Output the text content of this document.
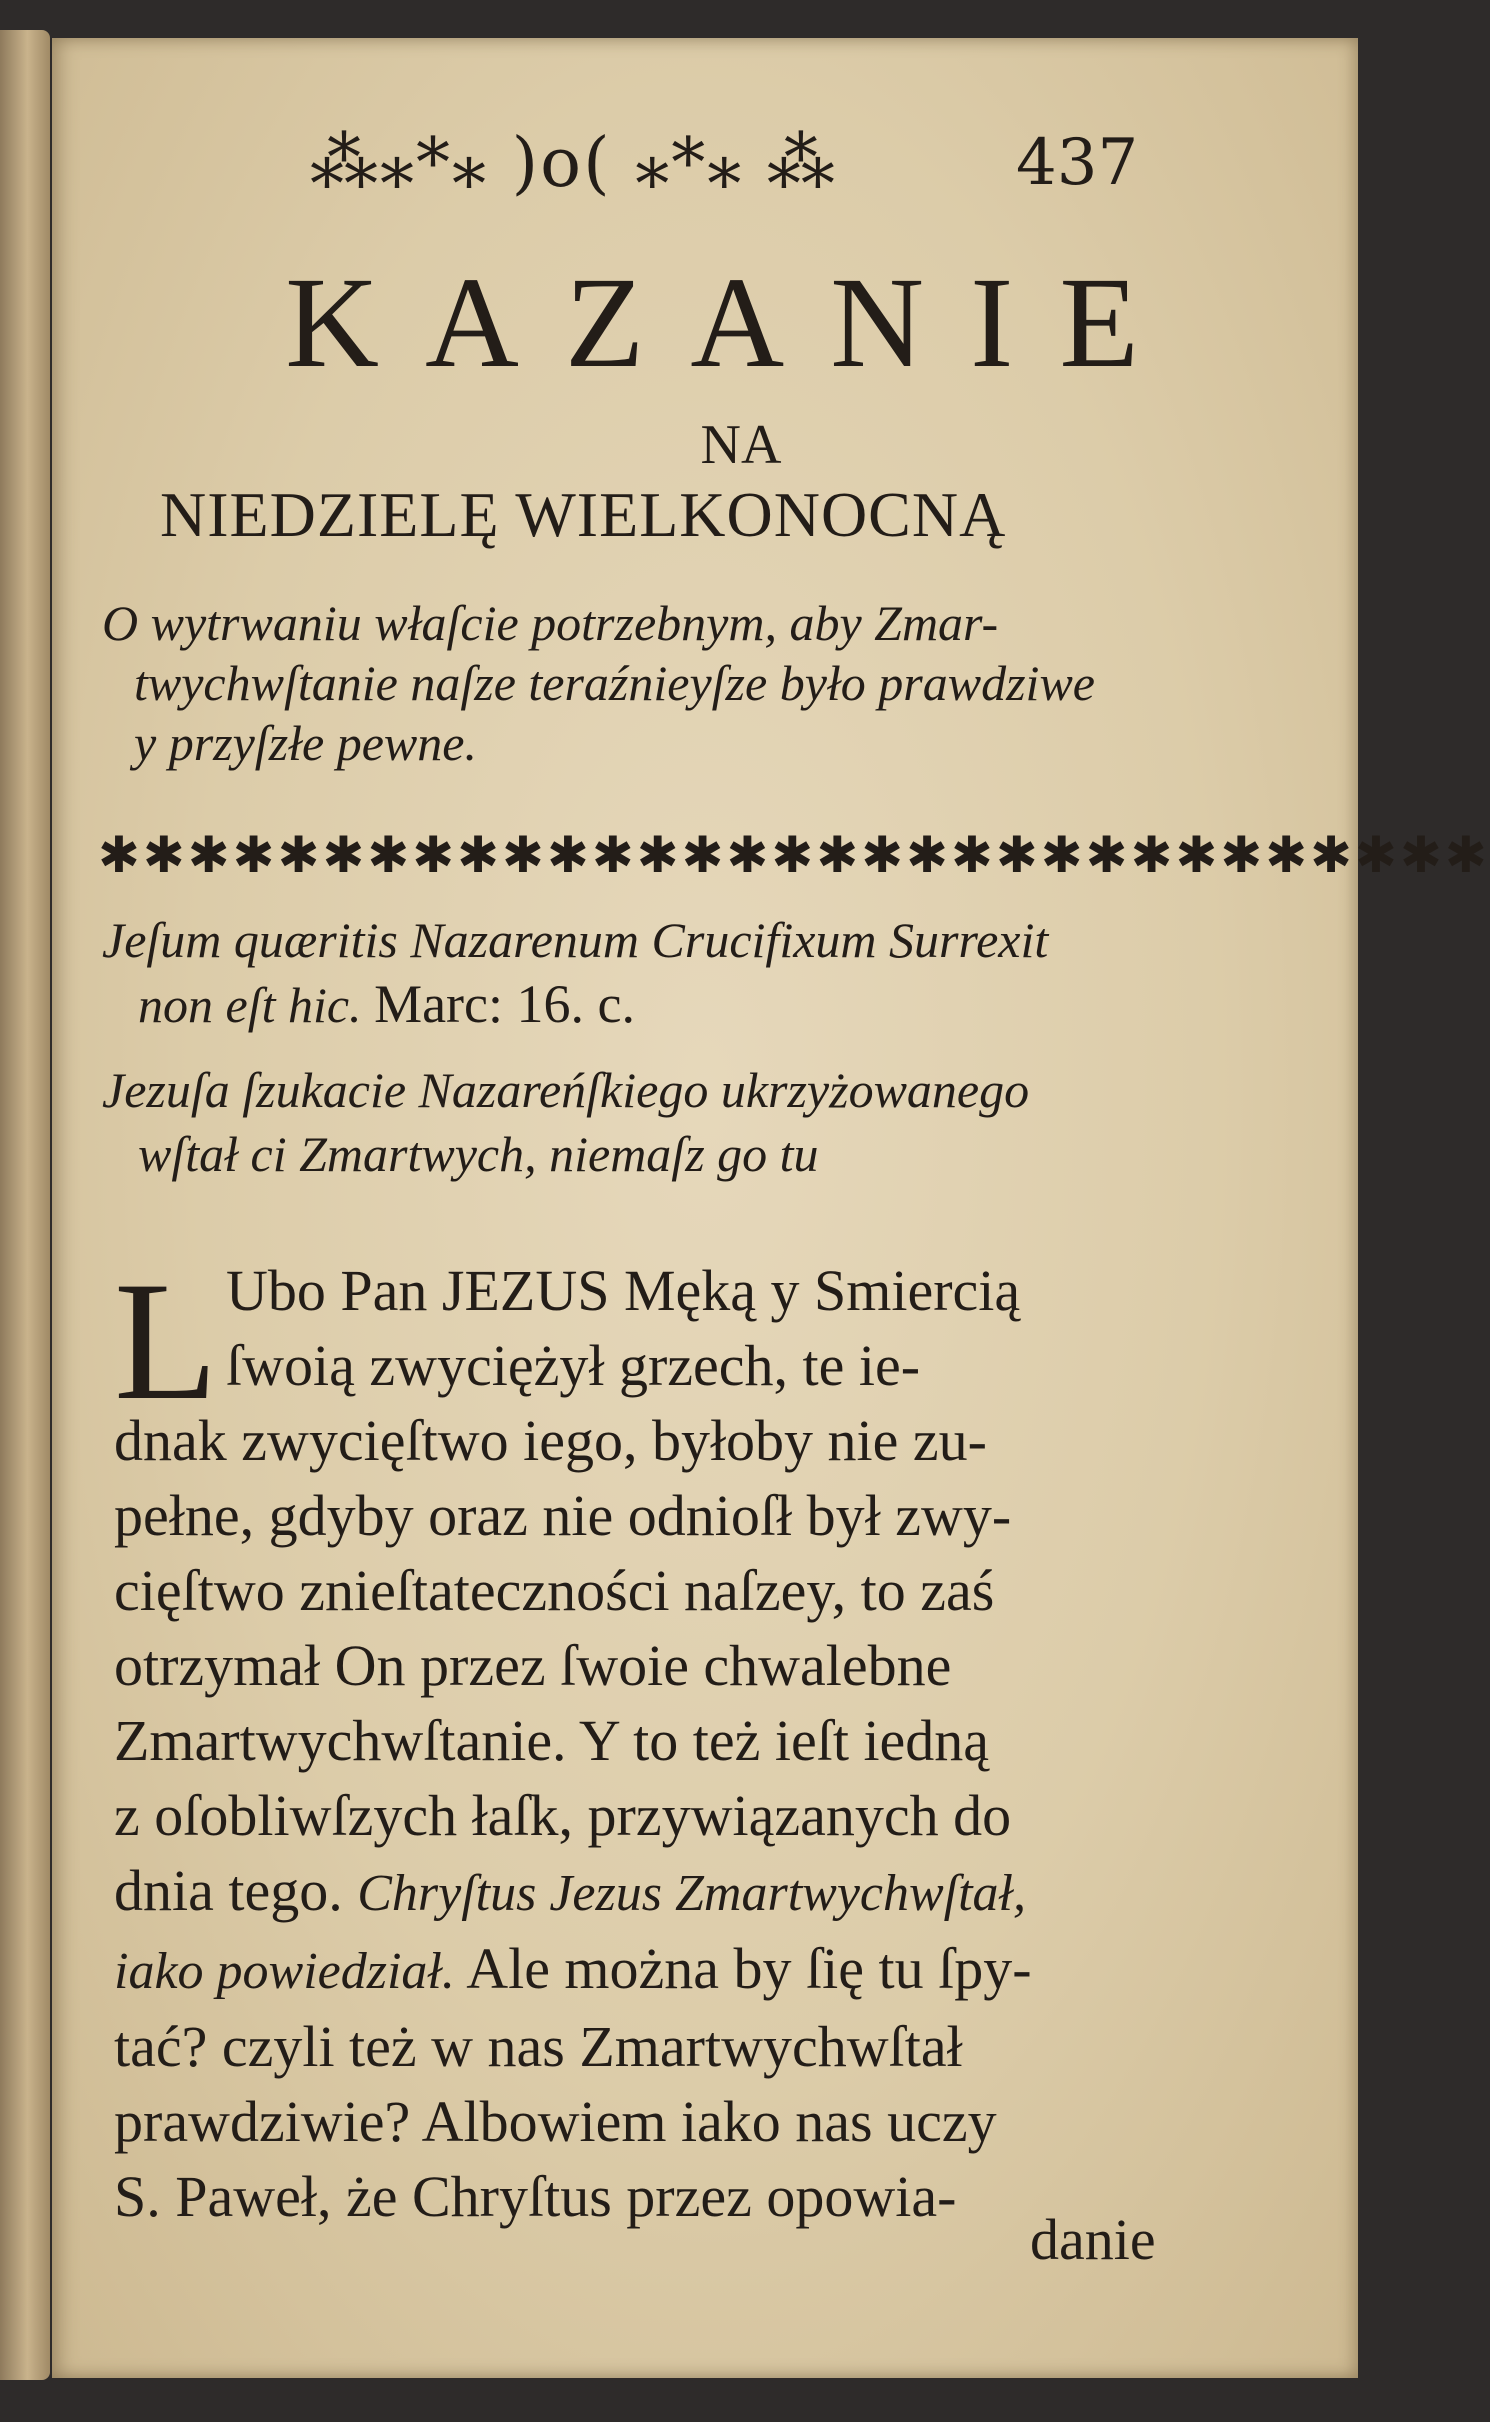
⁂⁎*⁎ )o( ⁎*⁎ ⁂	437
KAZANIE
NA
NIEDZIELĘ WIELKONOCNĄ
O wytrwaniu właſcie potrzebnym, aby Zmar-
twychwſtanie naſze teraźnieyſze było prawdziwe
y przyſzłe pewne.
✱✱✱✱✱✱✱✱✱✱✱✱✱✱✱✱✱✱✱✱✱✱✱✱✱✱✱✱✱✱✱
Jeſum quæritis Nazarenum Crucifixum Surrexit
non eſt hic. Marc: 16. c.
Jezuſa ſzukacie Nazareńſkiego ukrzyżowanego
wſtał ci Zmartwych, niemaſz go tu
L Ubo Pan JEZUS Męką y Smiercią
ſwoią zwyciężył grzech, te ie-
dnak zwycięſtwo iego, byłoby nie zu-
pełne, gdyby oraz nie odnioſł był zwy-
cięſtwo znieſtateczności naſzey, to zaś
otrzymał On przez ſwoie chwalebne
Zmartwychwſtanie. Y to też ieſt iedną
z oſobliwſzych łaſk, przywiązanych do
dnia tego. Chryſtus Jezus Zmartwychwſtał,
iako powiedział. Ale można by ſię tu ſpy-
tać? czyli też w nas Zmartwychwſtał
prawdziwie? Albowiem iako nas uczy
S. Paweł, że Chryſtus przez opowia-
danie
